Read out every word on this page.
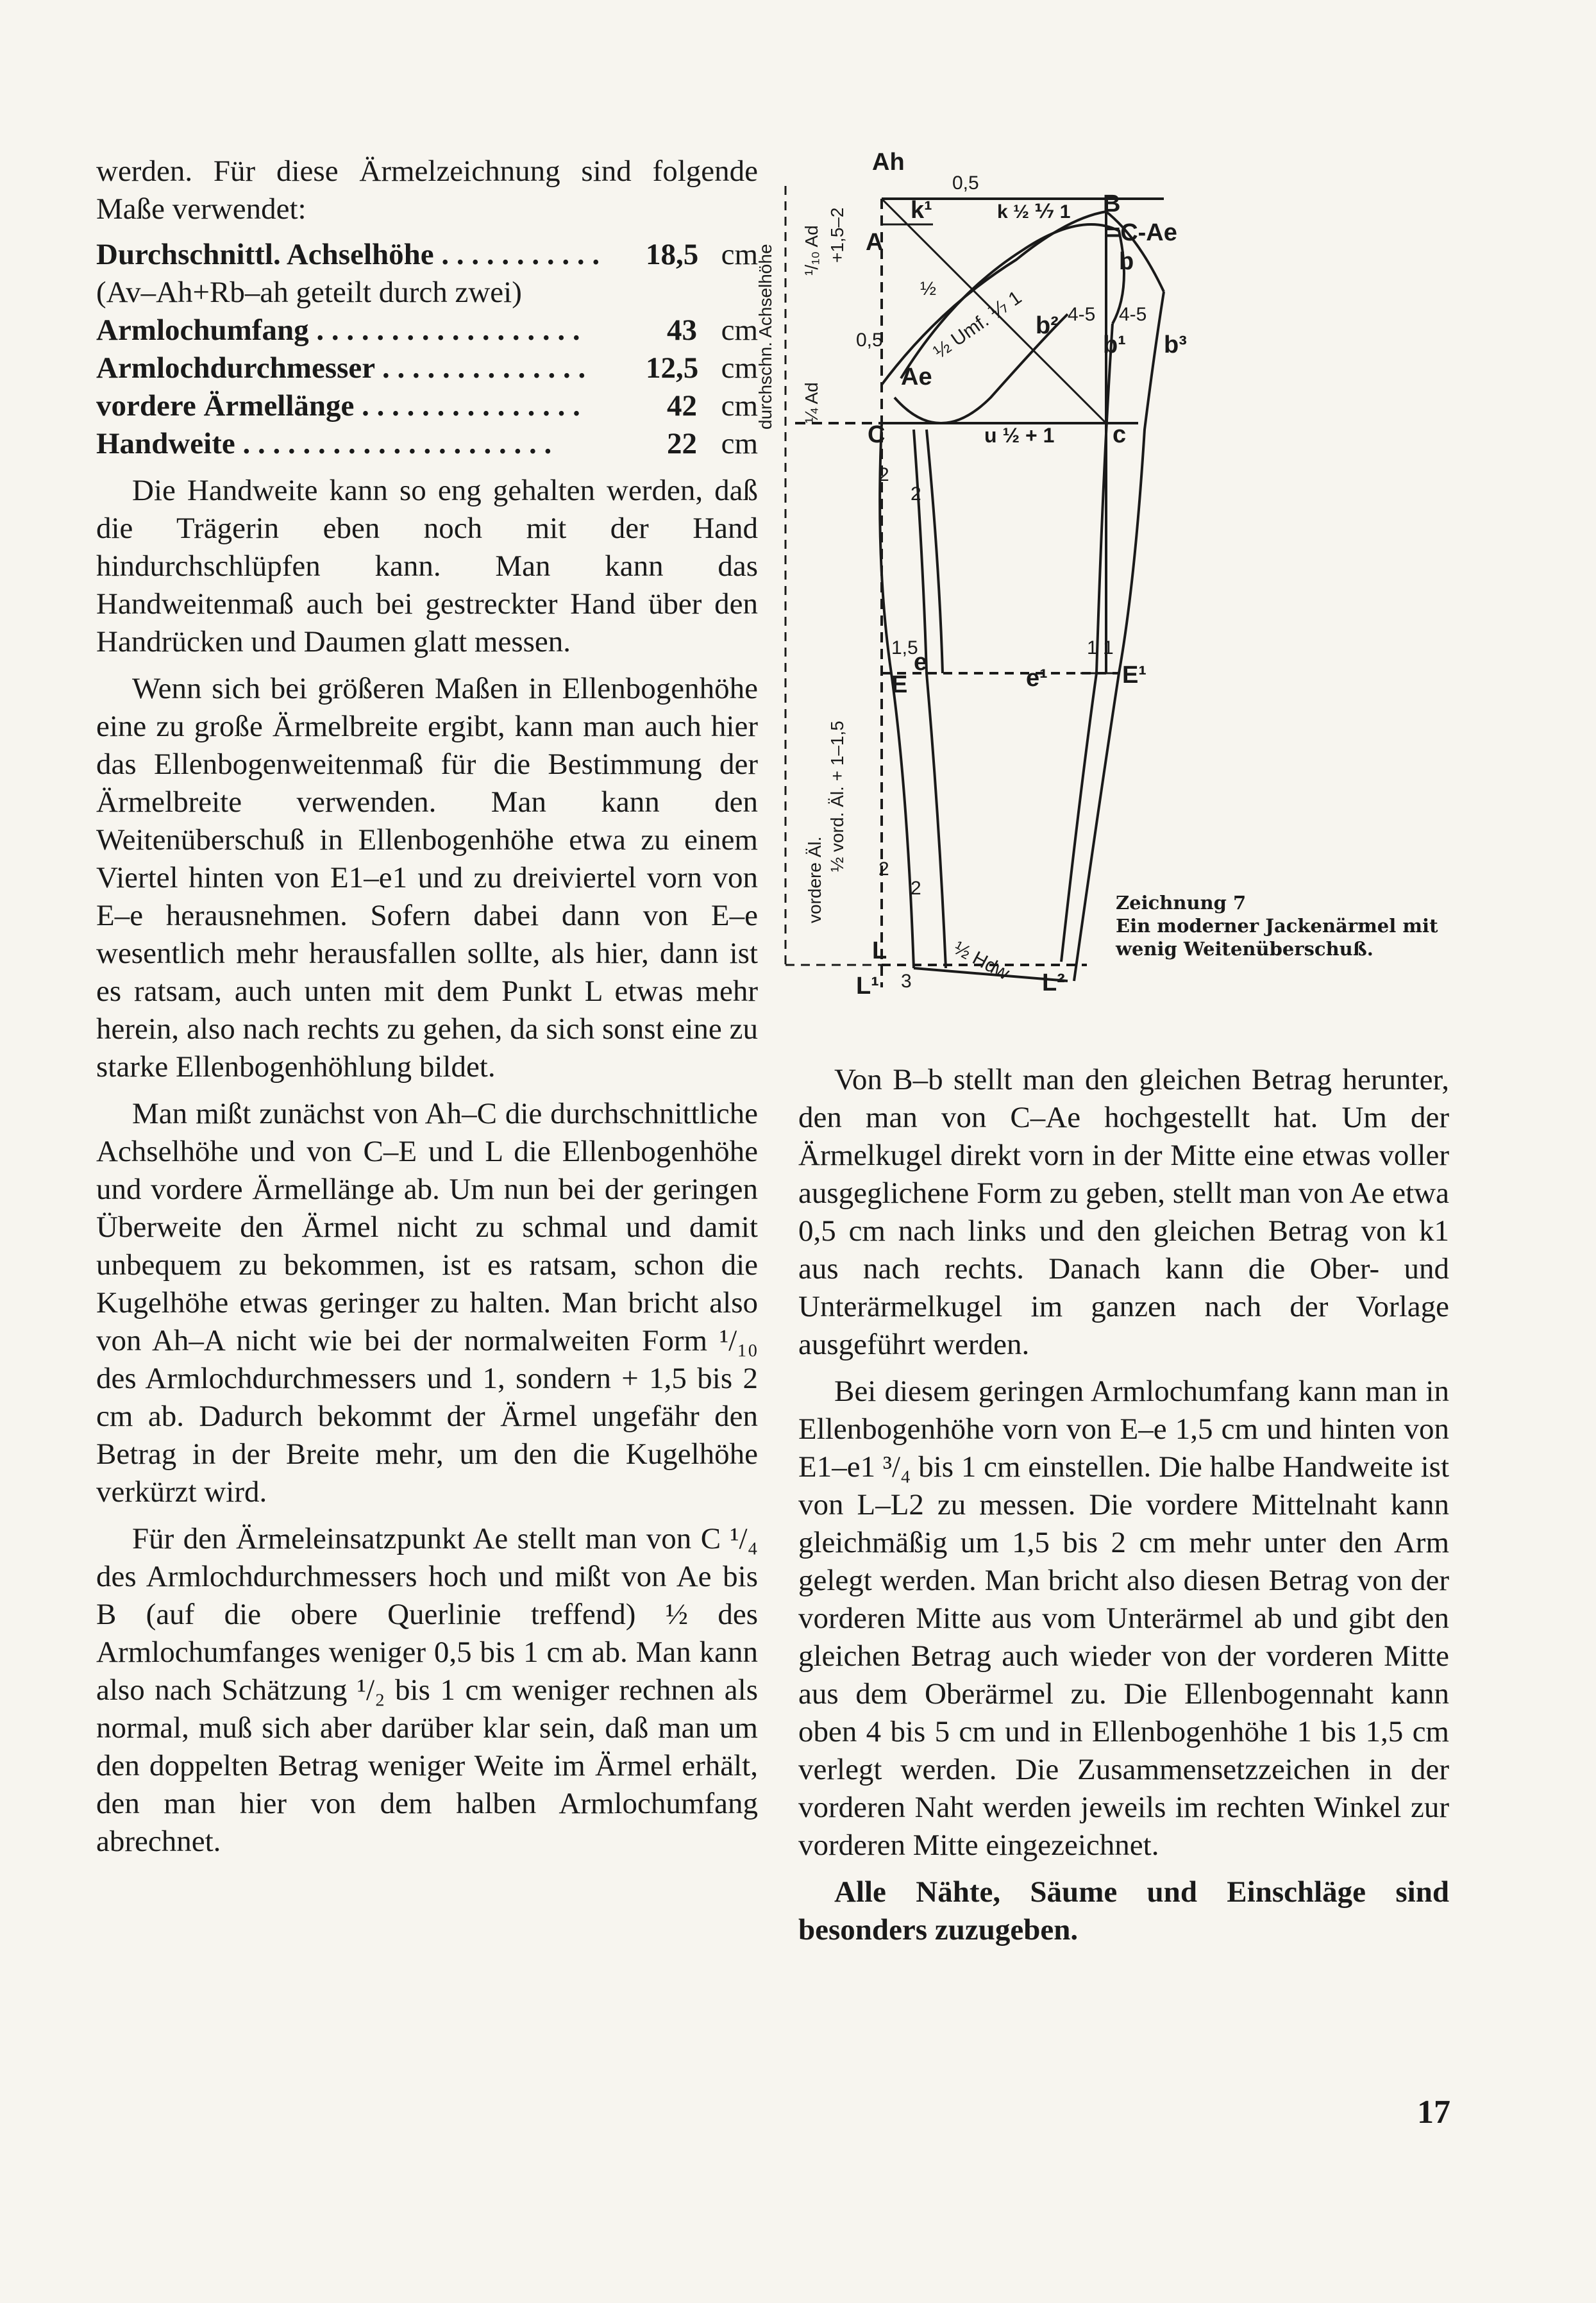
werden. Für diese Ärmelzeichnung sind folgende Maße verwendet:

Durchschnittl. Achselhöhe . . . . . . . . . . .	18,5 cm
(Av–Ah+Rb–ah geteilt durch zwei)
Armlochumfang . . . . . . . . . . . . . . . . . .	43 cm
Armlochdurchmesser . . . . . . . . . . . . . .	12,5 cm
vordere Ärmellänge . . . . . . . . . . . . . . .	42 cm
Handweite . . . . . . . . . . . . . . . . . . . . .	22 cm

Die Handweite kann so eng gehalten werden, daß die Trägerin eben noch mit der Hand hindurchschlüpfen kann. Man kann das Handweitenmaß auch bei gestreckter Hand über den Handrücken und Daumen glatt messen.

Wenn sich bei größeren Maßen in Ellenbogenhöhe eine zu große Ärmelbreite ergibt, kann man auch hier das Ellenbogenweitenmaß für die Bestimmung der Ärmelbreite verwenden. Man kann den Weitenüberschuß in Ellenbogenhöhe etwa zu einem Viertel hinten von E1–e1 und zu dreiviertel vorn von E–e herausnehmen. Sofern dabei dann von E–e wesentlich mehr herausfallen sollte, als hier, dann ist es ratsam, auch unten mit dem Punkt L etwas mehr herein, also nach rechts zu gehen, da sich sonst eine zu starke Ellenbogenhöhlung bildet.

Man mißt zunächst von Ah–C die durchschnittliche Achselhöhe und von C–E und L die Ellenbogenhöhe und vordere Ärmellänge ab. Um nun bei der geringen Überweite den Ärmel nicht zu schmal und damit unbequem zu bekommen, ist es ratsam, schon die Kugelhöhe etwas geringer zu halten. Man bricht also von Ah–A nicht wie bei der normalweiten Form ¹/₁₀ des Armlochdurchmessers und 1, sondern + 1,5 bis 2 cm ab. Dadurch bekommt der Ärmel ungefähr den Betrag in der Breite mehr, um den die Kugelhöhe verkürzt wird.

Für den Ärmeleinsatzpunkt Ae stellt man von C ¹/₄ des Armlochdurchmessers hoch und mißt von Ae bis B (auf die obere Querlinie treffend) ½ des Armlochumfanges weniger 0,5 bis 1 cm ab. Man kann also nach Schätzung ¹/₂ bis 1 cm weniger rechnen als normal, muß sich aber darüber klar sein, daß man um den doppelten Betrag weniger Weite im Ärmel erhält, den man hier von dem halben Armlochumfang abrechnet.

Ah
A
k¹	k ½ ⅐ 1 B
=C-Ae
b
b²
b¹ b³
Ae
C	u ½ + 1 c
e
E	e¹	E¹
L
L¹	L²
0,5
0,5
1,5
½
½ Umf. ⅐ 1 4-5 4-5
2
2
2
2
1 1
3 ½ Hdw
durchschn. Achselhöhe ¹/₁₀ Ad +1,5–2
¼ Ad
vordere Äl.
½ vord. Äl. + 1–1,5
Zeichnung 7
Ein moderner Jackenärmel mit wenig Weitenüberschuß.

Von B–b stellt man den gleichen Betrag herunter, den man von C–Ae hochgestellt hat. Um der Ärmelkugel direkt vorn in der Mitte eine etwas voller ausgeglichene Form zu geben, stellt man von Ae etwa 0,5 cm nach links und den gleichen Betrag von k1 aus nach rechts. Danach kann die Ober- und Unterärmelkugel im ganzen nach der Vorlage ausgeführt werden.

Bei diesem geringen Armlochumfang kann man in Ellenbogenhöhe vorn von E–e 1,5 cm und hinten von E1–e1 ³/₄ bis 1 cm einstellen. Die halbe Handweite ist von L–L2 zu messen. Die vordere Mittelnaht kann gleichmäßig um 1,5 bis 2 cm mehr unter den Arm gelegt werden. Man bricht also diesen Betrag von der vorderen Mitte aus vom Unterärmel ab und gibt den gleichen Betrag auch wieder von der vorderen Mitte aus dem Oberärmel zu. Die Ellenbogennaht kann oben 4 bis 5 cm und in Ellenbogenhöhe 1 bis 1,5 cm verlegt werden. Die Zusammensetzzeichen in der vorderen Naht werden jeweils im rechten Winkel zur vorderen Mitte eingezeichnet.

Alle Nähte, Säume und Einschläge sind besonders zuzugeben.

17
